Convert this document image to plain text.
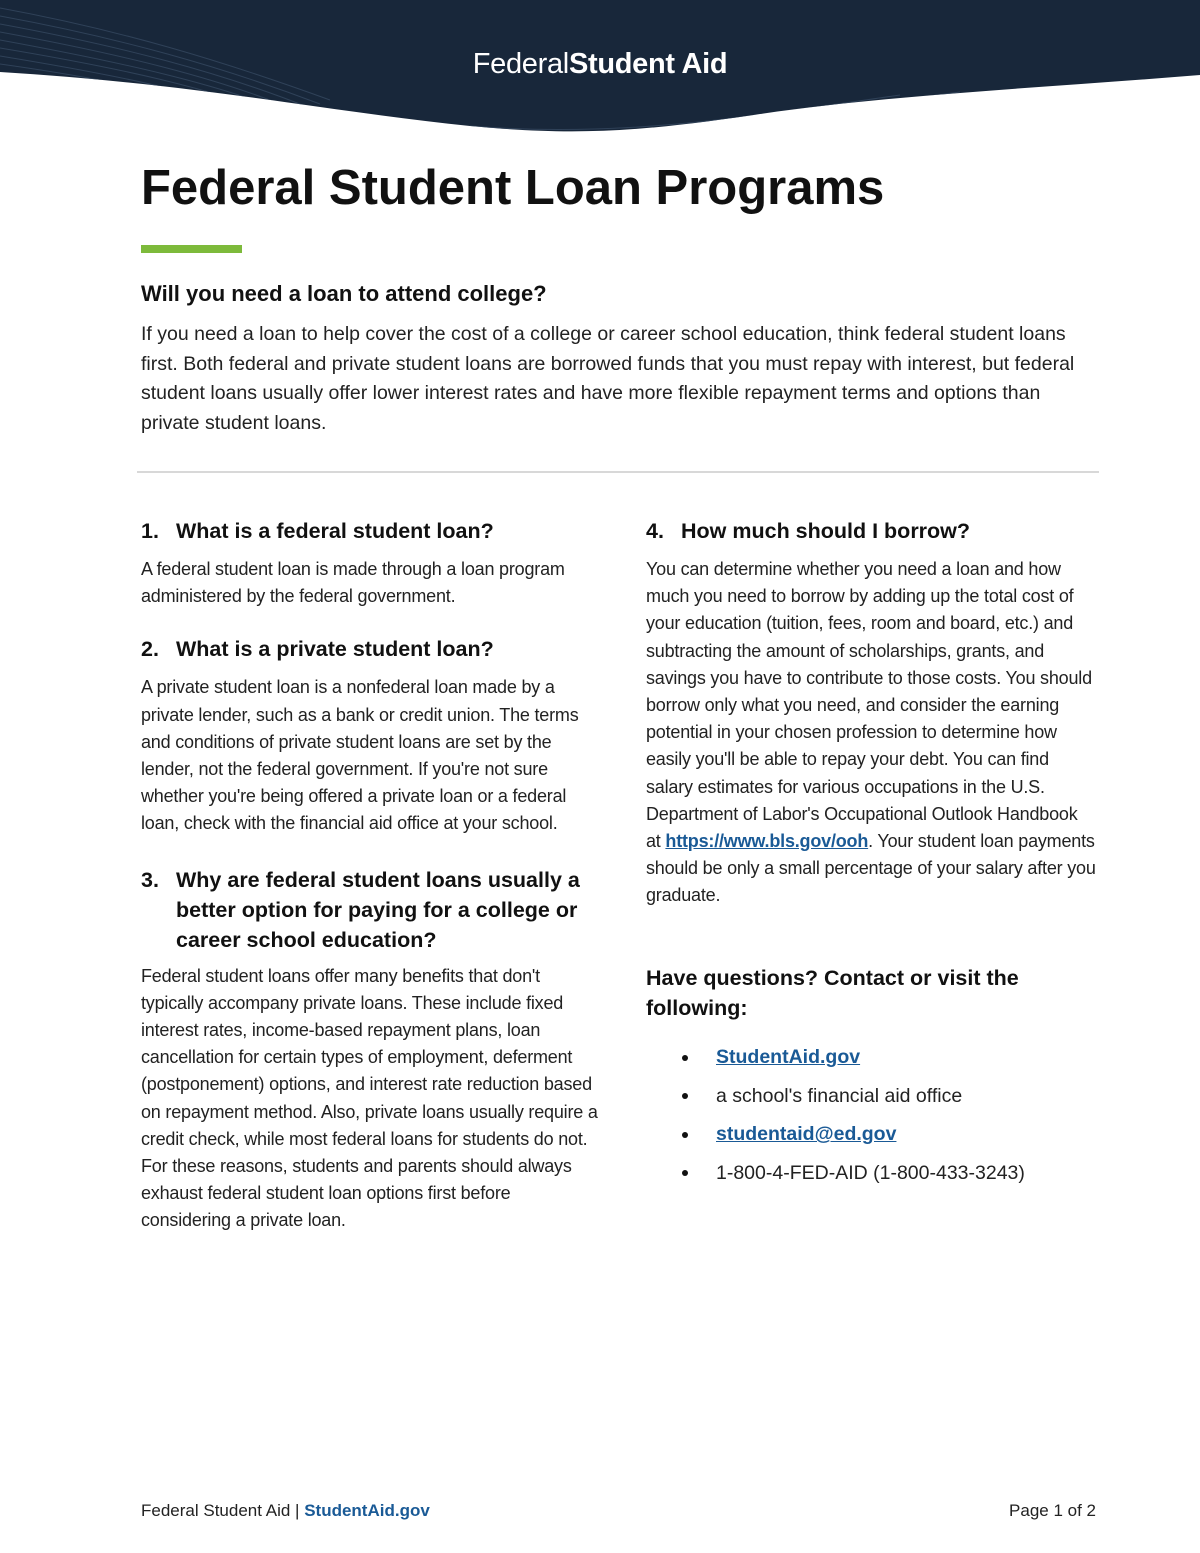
FederalStudent Aid
Federal Student Loan Programs
Will you need a loan to attend college?

If you need a loan to help cover the cost of a college or career school education, think federal student loans first. Both federal and private student loans are borrowed funds that you must repay with interest, but federal student loans usually offer lower interest rates and have more flexible repayment terms and options than private student loans.

1. What is a federal student loan?

A federal student loan is made through a loan program administered by the federal government.

2. What is a private student loan?

A private student loan is a nonfederal loan made by a private lender, such as a bank or credit union. The terms and conditions of private student loans are set by the lender, not the federal government. If you're not sure whether you're being offered a private loan or a federal loan, check with the financial aid office at your school.

3. Why are federal student loans usually a better option for paying for a college or career school education?

Federal student loans offer many benefits that don't typically accompany private loans. These include fixed interest rates, income-based repayment plans, loan cancellation for certain types of employment, deferment (postponement) options, and interest rate reduction based on repayment method. Also, private loans usually require a credit check, while most federal loans for students do not. For these reasons, students and parents should always exhaust federal student loan options first before considering a private loan.

4. How much should I borrow?

You can determine whether you need a loan and how much you need to borrow by adding up the total cost of your education (tuition, fees, room and board, etc.) and subtracting the amount of scholarships, grants, and savings you have to contribute to those costs. You should borrow only what you need, and consider the earning potential in your chosen profession to determine how easily you'll be able to repay your debt. You can find salary estimates for various occupations in the U.S. Department of Labor's Occupational Outlook Handbook at https://www.bls.gov/ooh. Your student loan payments should be only a small percentage of your salary after you graduate.

Have questions? Contact or visit the following:
StudentAid.gov
a school's financial aid office
studentaid@ed.gov
1-800-4-FED-AID (1-800-433-3243)
Federal Student Aid | StudentAid.gov	Page 1 of 2
